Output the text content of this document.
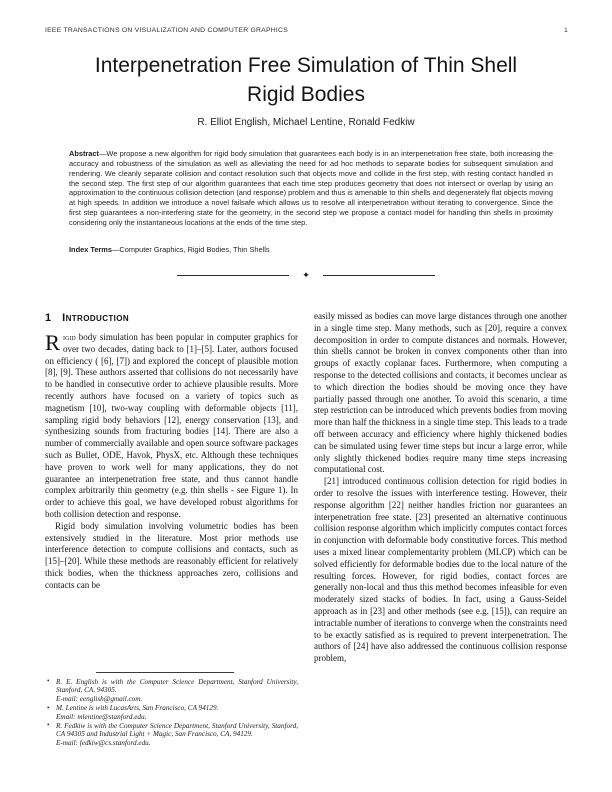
IEEE TRANSACTIONS ON VISUALIZATION AND COMPUTER GRAPHICS	1
Interpenetration Free Simulation of Thin Shell
Rigid Bodies
R. Elliot English, Michael Lentine, Ronald Fedkiw
Abstract—We propose a new algorithm for rigid body simulation that guarantees each body is in an interpenetration free state, both increasing the accuracy and robustness of the simulation as well as alleviating the need for ad hoc methods to separate bodies for subsequent simulation and rendering. We cleanly separate collision and contact resolution such that objects move and collide in the first step, with resting contact handled in the second step. The first step of our algorithm guarantees that each time step produces geometry that does not intersect or overlap by using an approximation to the continuous collision detection (and response) problem and thus is amenable to thin shells and degenerately flat objects moving at high speeds. In addition we introduce a novel failsafe which allows us to resolve all interpenetration without iterating to convergence. Since the first step guarantees a non-interfering state for the geometry, in the second step we propose a contact model for handling thin shells in proximity considering only the instantaneous locations at the ends of the time step.
Index Terms—Computer Graphics, Rigid Bodies, Thin Shells
✦
1 Introduction

Rigid body simulation has been popular in computer graphics for over two decades, dating back to [1]–[5]. Later, authors focused on efficiency ( [6], [7]) and explored the concept of plausible motion [8], [9]. These authors asserted that collisions do not necessarily have to be handled in consecutive order to achieve plausible results. More recently authors have focused on a variety of topics such as magnetism [10], two-way coupling with deformable objects [11], sampling rigid body behaviors [12], energy conservation [13], and synthesizing sounds from fracturing bodies [14]. There are also a number of commercially available and open source software packages such as Bullet, ODE, Havok, PhysX, etc. Although these techniques have proven to work well for many applications, they do not guarantee an interpenetration free state, and thus cannot handle complex arbitrarily thin geometry (e.g. thin shells - see Figure 1). In order to achieve this goal, we have developed robust algorithms for both collision detection and response.

Rigid body simulation involving volumetric bodies has been extensively studied in the literature. Most prior methods use interference detection to compute collisions and contacts, such as [15]–[20]. While these methods are reasonably efficient for relatively thick bodies, when the thickness approaches zero, collisions and contacts can be

• R. E. English is with the Computer Science Department, Stanford University, Stanford, CA, 94305.
E-mail: eenglish@gmail.com.
• M. Lentine is with LucasArts, San Francisco, CA 94129.
Email: mlentine@stanford.edu.
• R. Fedkiw is with the Computer Science Department, Stanford University, Stanford, CA 94305 and Industrial Light + Magic, San Francisco, CA, 94129.
E-mail: fedkiw@cs.stanford.edu.

easily missed as bodies can move large distances through one another in a single time step. Many methods, such as [20], require a convex decomposition in order to compute distances and normals. However, thin shells cannot be broken in convex components other than into groups of exactly coplanar faces. Furthermore, when computing a response to the detected collisions and contacts, it becomes unclear as to which direction the bodies should be moving once they have partially passed through one another. To avoid this scenario, a time step restriction can be introduced which prevents bodies from moving more than half the thickness in a single time step. This leads to a trade off between accuracy and efficiency where highly thickened bodies can be simulated using fewer time steps but incur a large error, while only slightly thickened bodies require many time steps increasing computational cost.

[21] introduced continuous collision detection for rigid bodies in order to resolve the issues with interference testing. However, their response algorithm [22] neither handles friction nor guarantees an interpenetration free state. [23] presented an alternative continuous collision response algorithm which implicitly computes contact forces in conjunction with deformable body constitutive forces. This method uses a mixed linear complementarity problem (MLCP) which can be solved efficiently for deformable bodies due to the local nature of the resulting forces. However, for rigid bodies, contact forces are generally non-local and thus this method becomes infeasible for even moderately sized stacks of bodies. In fact, using a Gauss-Seidel approach as in [23] and other methods (see e.g. [15]), can require an intractable number of iterations to converge when the constraints need to be exactly satisfied as is required to prevent interpenetration. The authors of [24] have also addressed the continuous collision response problem,
